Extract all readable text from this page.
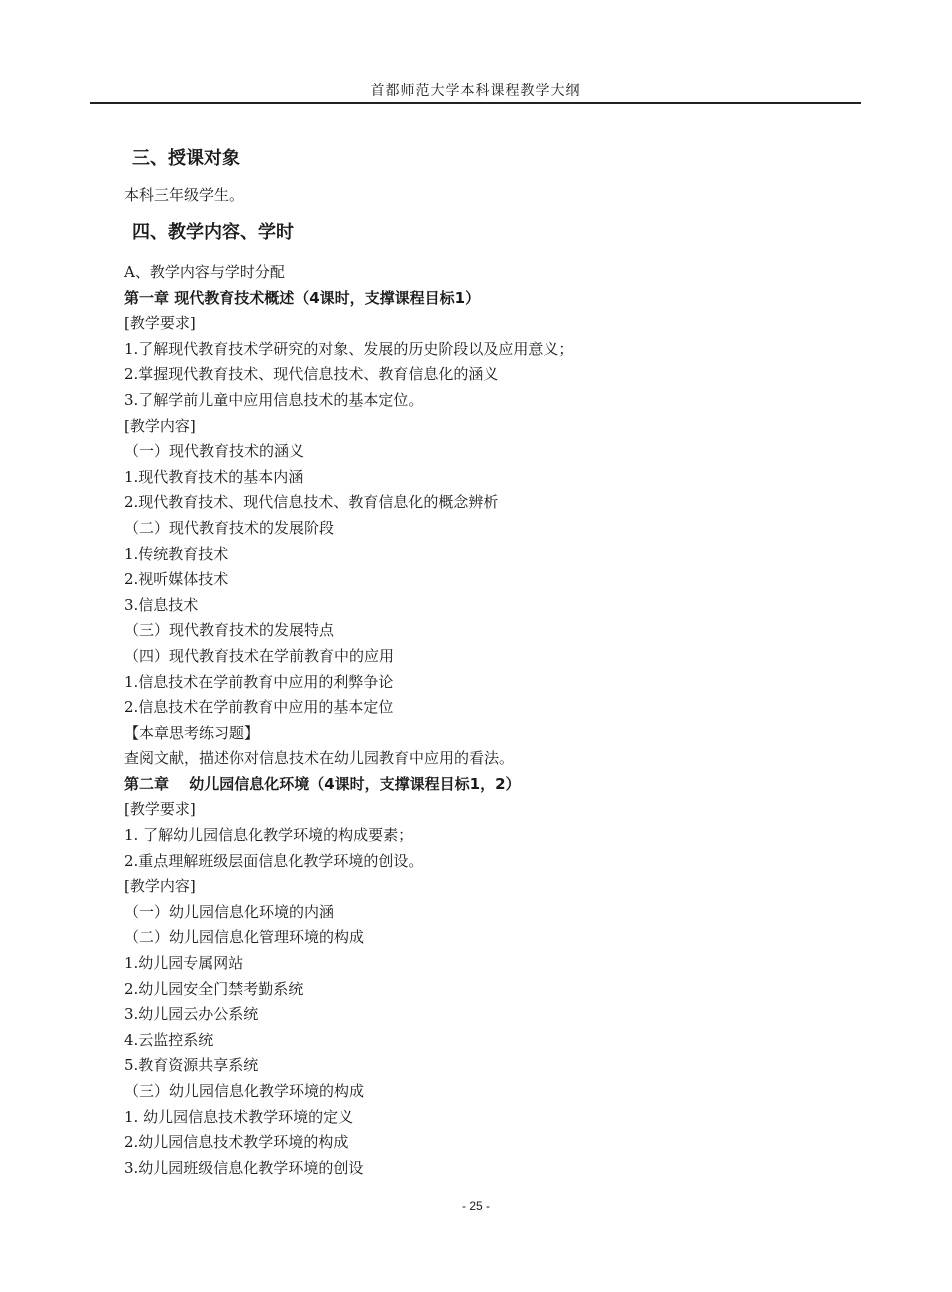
首都师范大学本科课程教学大纲
三、授课对象
本科三年级学生。
四、教学内容、学时
A、教学内容与学时分配
第一章 现代教育技术概述（4课时，支撑课程目标1）
[教学要求]
1.了解现代教育技术学研究的对象、发展的历史阶段以及应用意义；
2.掌握现代教育技术、现代信息技术、教育信息化的涵义
3.了解学前儿童中应用信息技术的基本定位。
[教学内容]
（一）现代教育技术的涵义
1.现代教育技术的基本内涵
2.现代教育技术、现代信息技术、教育信息化的概念辨析
（二）现代教育技术的发展阶段
1.传统教育技术
2.视听媒体技术
3.信息技术
（三）现代教育技术的发展特点
（四）现代教育技术在学前教育中的应用
1.信息技术在学前教育中应用的利弊争论
2.信息技术在学前教育中应用的基本定位
【本章思考练习题】
查阅文献，描述你对信息技术在幼儿园教育中应用的看法。
第二章　 幼儿园信息化环境（4课时，支撑课程目标1，2）
[教学要求]
1. 了解幼儿园信息化教学环境的构成要素；
2.重点理解班级层面信息化教学环境的创设。
[教学内容]
（一）幼儿园信息化环境的内涵
（二）幼儿园信息化管理环境的构成
1.幼儿园专属网站
2.幼儿园安全门禁考勤系统
3.幼儿园云办公系统
4.云监控系统
5.教育资源共享系统
（三）幼儿园信息化教学环境的构成
1. 幼儿园信息技术教学环境的定义
2.幼儿园信息技术教学环境的构成
3.幼儿园班级信息化教学环境的创设
- 25 -
